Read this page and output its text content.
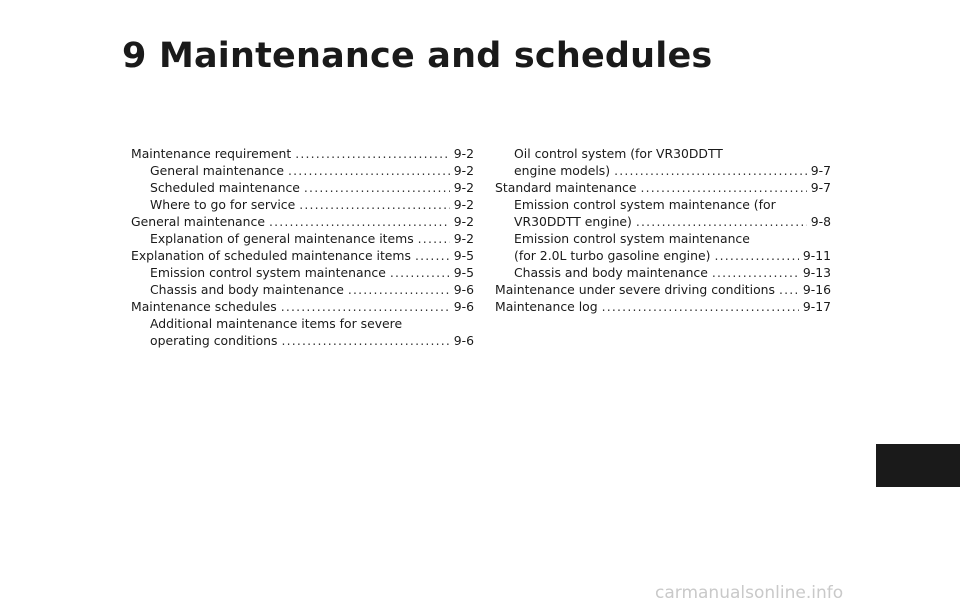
9 Maintenance and schedules
Maintenance requirement .....	9-2
General maintenance .....	9-2
Scheduled maintenance .....	9-2
Where to go for service .....	9-2
General maintenance .....	9-2
Explanation of general maintenance items .....	9-2
Explanation of scheduled maintenance items .....	9-5
Emission control system maintenance .....	9-5
Chassis and body maintenance .....	9-6
Maintenance schedules .....	9-6
Additional maintenance items for severe
operating conditions .....	9-6
Oil control system (for VR30DDTT
engine models) .....	9-7
Standard maintenance .....	9-7
Emission control system maintenance (for
VR30DDTT engine) .....	9-8
Emission control system maintenance
(for 2.0L turbo gasoline engine) .....	9-11
Chassis and body maintenance .....	9-13
Maintenance under severe driving conditions ..... 9-16
Maintenance log .....	9-17
carmanualsonline.info
